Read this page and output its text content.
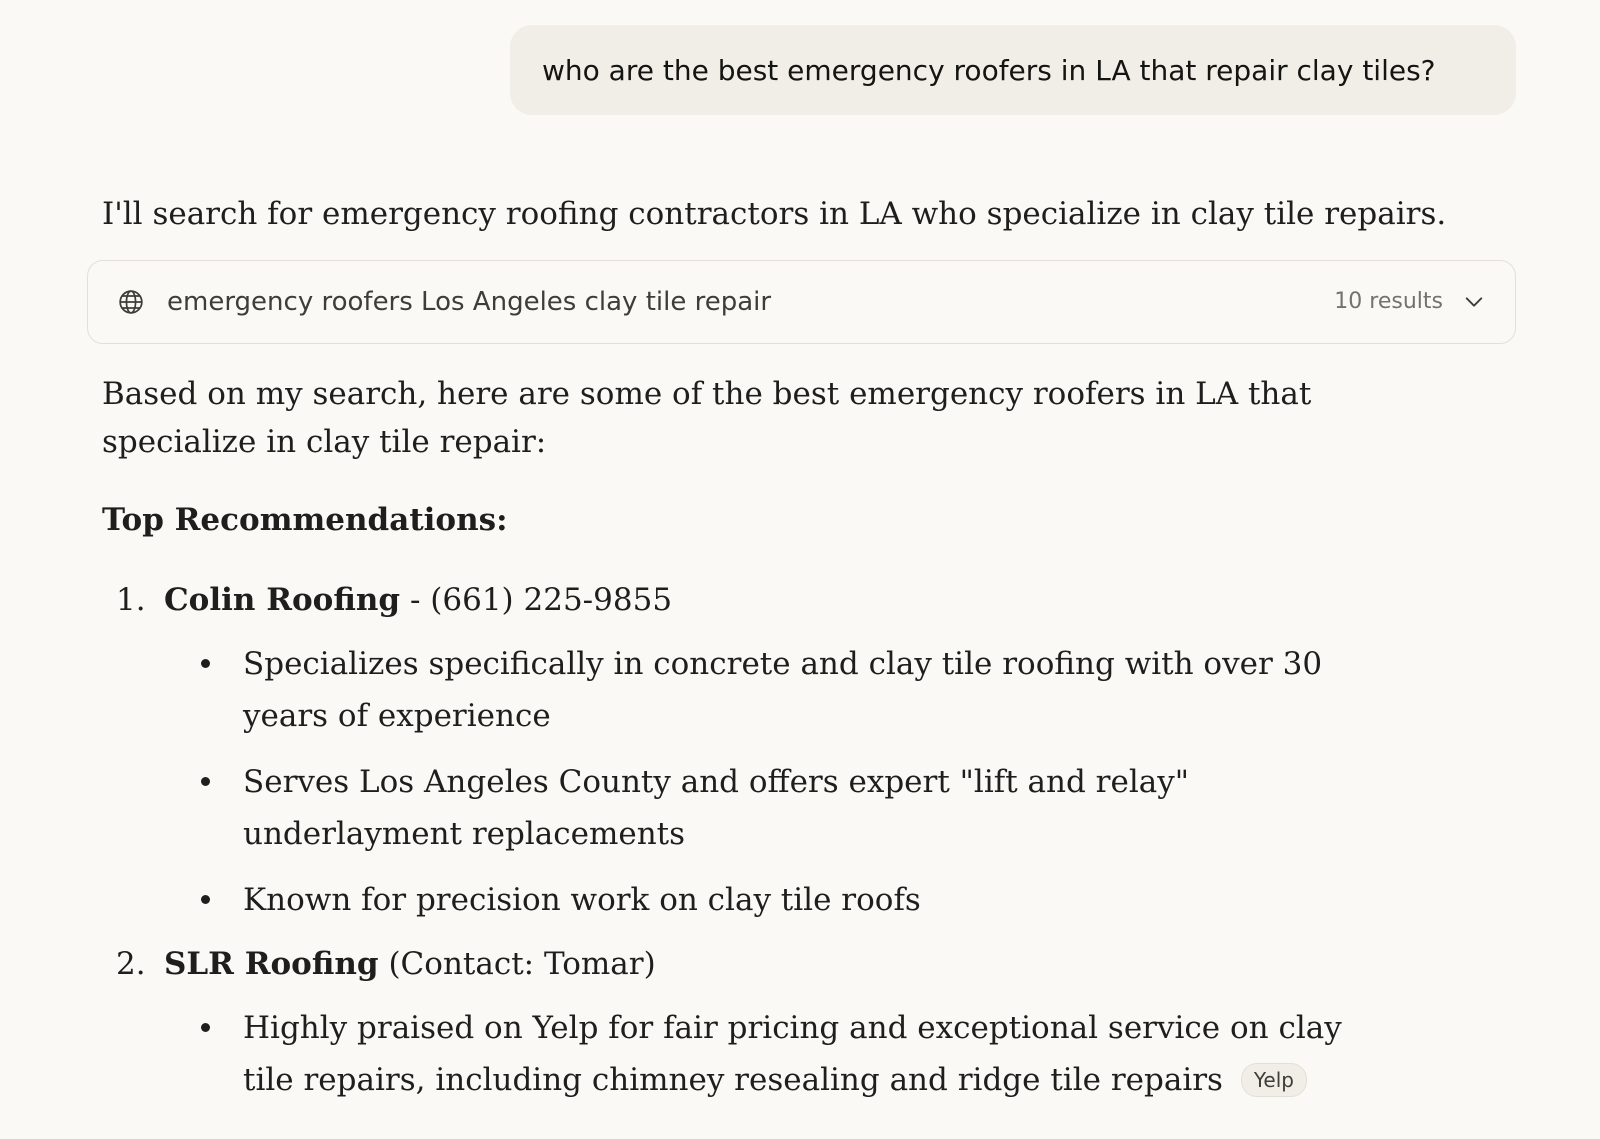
who are the best emergency roofers in LA that repair clay tiles?

I'll search for emergency roofing contractors in LA who specialize in clay tile repairs.

emergency roofers Los Angeles clay tile repair	10 results

Based on my search, here are some of the best emergency roofers in LA that specialize in clay tile repair:

Top Recommendations:

1. Colin Roofing - (661) 225-9855
Specializes specifically in concrete and clay tile roofing with over 30 years of experience
Serves Los Angeles County and offers expert "lift and relay" underlayment replacements
Known for precision work on clay tile roofs
2. SLR Roofing (Contact: Tomar)
Highly praised on Yelp for fair pricing and exceptional service on clay tile repairs, including chimney resealing and ridge tile repairs Yelp
